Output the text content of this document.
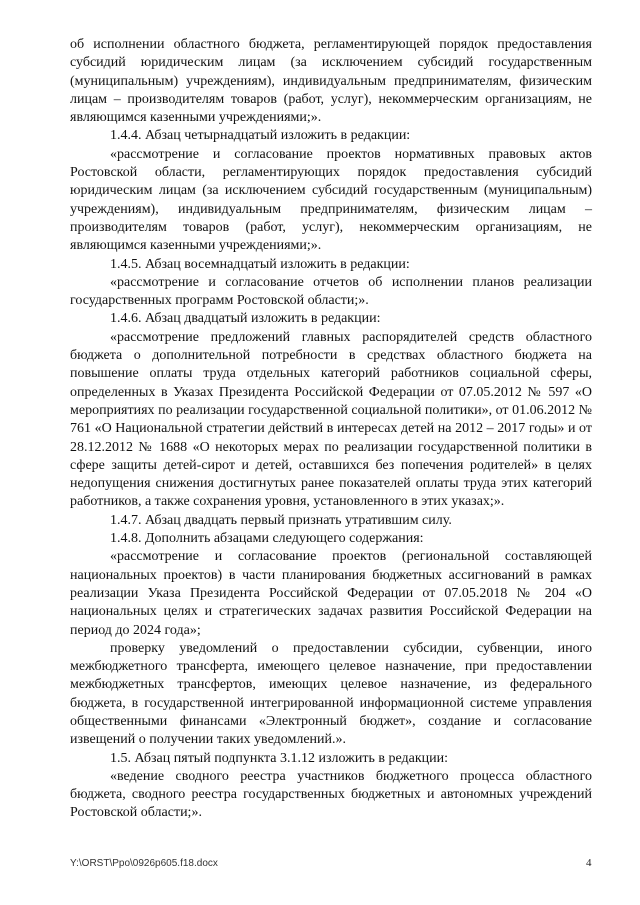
об исполнении областного бюджета, регламентирующей порядок предоставления субсидий юридическим лицам (за исключением субсидий государственным (муниципальным) учреждениям), индивидуальным предпринимателям, физическим лицам – производителям товаров (работ, услуг), некоммерческим организациям, не являющимся казенными учреждениями;».

1.4.4. Абзац четырнадцатый изложить в редакции:

«рассмотрение и согласование проектов нормативных правовых актов Ростовской области, регламентирующих порядок предоставления субсидий юридическим лицам (за исключением субсидий государственным (муниципальным) учреждениям), индивидуальным предпринимателям, физическим лицам – производителям товаров (работ, услуг), некоммерческим организациям, не являющимся казенными учреждениями;».

1.4.5. Абзац восемнадцатый изложить в редакции:

«рассмотрение и согласование отчетов об исполнении планов реализации государственных программ Ростовской области;».

1.4.6. Абзац двадцатый изложить в редакции:

«рассмотрение предложений главных распорядителей средств областного бюджета о дополнительной потребности в средствах областного бюджета на повышение оплаты труда отдельных категорий работников социальной сферы, определенных в Указах Президента Российской Федерации от 07.05.2012 № 597 «О мероприятиях по реализации государственной социальной политики», от 01.06.2012 № 761 «О Национальной стратегии действий в интересах детей на 2012 – 2017 годы» и от 28.12.2012 № 1688 «О некоторых мерах по реализации государственной политики в сфере защиты детей-сирот и детей, оставшихся без попечения родителей» в целях недопущения снижения достигнутых ранее показателей оплаты труда этих категорий работников, а также сохранения уровня, установленного в этих указах;».

1.4.7. Абзац двадцать первый признать утратившим силу.

1.4.8. Дополнить абзацами следующего содержания:

«рассмотрение и согласование проектов (региональной составляющей национальных проектов) в части планирования бюджетных ассигнований в рамках реализации Указа Президента Российской Федерации от 07.05.2018 № 204 «О национальных целях и стратегических задачах развития Российской Федерации на период до 2024 года»;

проверку уведомлений о предоставлении субсидии, субвенции, иного межбюджетного трансферта, имеющего целевое назначение, при предоставлении межбюджетных трансфертов, имеющих целевое назначение, из федерального бюджета, в государственной интегрированной информационной системе управления общественными финансами «Электронный бюджет», создание и согласование извещений о получении таких уведомлений.».

1.5. Абзац пятый подпункта 3.1.12 изложить в редакции:

«ведение сводного реестра участников бюджетного процесса областного бюджета, сводного реестра государственных бюджетных и автономных учреждений Ростовской области;».

Y:\ORST\Ppo\0926p605.f18.docx	4
